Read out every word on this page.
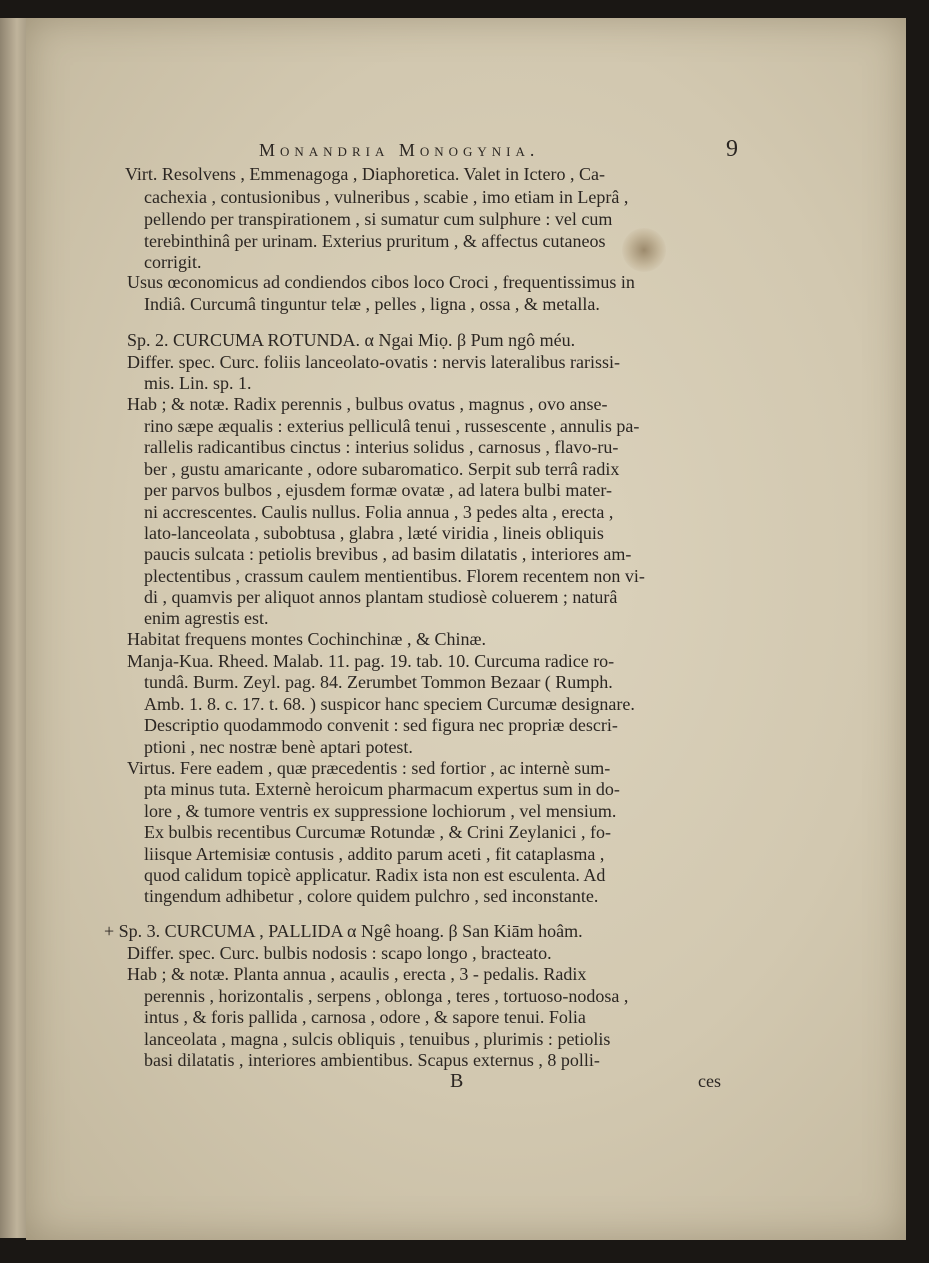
Monandria Monogynia.	9
Virt. Resolvens , Emmenagoga , Diaphoretica. Valet in Ictero , Ca-
cachexia , contusionibus , vulneribus , scabie , imo etiam in Leprâ ,
pellendo per transpirationem , si sumatur cum sulphure : vel cum
terebinthinâ per urinam. Exterius pruritum , & affectus cutaneos
corrigit.
Usus œconomicus ad condiendos cibos loco Croci , frequentissimus in
Indiâ. Curcumâ tinguntur telæ , pelles , ligna , ossa , & metalla.
Sp. 2. CURCUMA ROTUNDA. α Ngai Miọ. β Pum ngô méu.
Differ. spec. Curc. foliis lanceolato-ovatis : nervis lateralibus rarissi-
mis. Lin. sp. 1.
Hab ; & notæ. Radix perennis , bulbus ovatus , magnus , ovo anse-
rino sæpe æqualis : exterius pelliculâ tenui , russescente , annulis pa-
rallelis radicantibus cinctus : interius solidus , carnosus , flavo-ru-
ber , gustu amaricante , odore subaromatico. Serpit sub terrâ radix
per parvos bulbos , ejusdem formæ ovatæ , ad latera bulbi mater-
ni accrescentes. Caulis nullus. Folia annua , 3 pedes alta , erecta ,
lato-lanceolata , subobtusa , glabra , læté viridia , lineis obliquis
paucis sulcata : petiolis brevibus , ad basim dilatatis , interiores am-
plectentibus , crassum caulem mentientibus. Florem recentem non vi-
di , quamvis per aliquot annos plantam studiosè coluerem ; naturâ
enim agrestis est.
Habitat frequens montes Cochinchinæ , & Chinæ.
Manja-Kua. Rheed. Malab. 11. pag. 19. tab. 10. Curcuma radice ro-
tundâ. Burm. Zeyl. pag. 84. Zerumbet Tommon Bezaar ( Rumph.
Amb. 1. 8. c. 17. t. 68. ) suspicor hanc speciem Curcumæ designare.
Descriptio quodammodo convenit : sed figura nec propriæ descri-
ptioni , nec nostræ benè aptari potest.
Virtus. Fere eadem , quæ præcedentis : sed fortior , ac internè sum-
pta minus tuta. Externè heroicum pharmacum expertus sum in do-
lore , & tumore ventris ex suppressione lochiorum , vel mensium.
Ex bulbis recentibus Curcumæ Rotundæ , & Crini Zeylanici , fo-
liisque Artemisiæ contusis , addito parum aceti , fit cataplasma ,
quod calidum topicè applicatur. Radix ista non est esculenta. Ad
tingendum adhibetur , colore quidem pulchro , sed inconstante.
+ Sp. 3. CURCUMA , PALLIDA α Ngê hoang. β San Kiām hoâm.
Differ. spec. Curc. bulbis nodosis : scapo longo , bracteato.
Hab ; & notæ. Planta annua , acaulis , erecta , 3 - pedalis. Radix
perennis , horizontalis , serpens , oblonga , teres , tortuoso-nodosa ,
intus , & foris pallida , carnosa , odore , & sapore tenui. Folia
lanceolata , magna , sulcis obliquis , tenuibus , plurimis : petiolis
basi dilatatis , interiores ambientibus. Scapus externus , 8 polli-
B	ces
